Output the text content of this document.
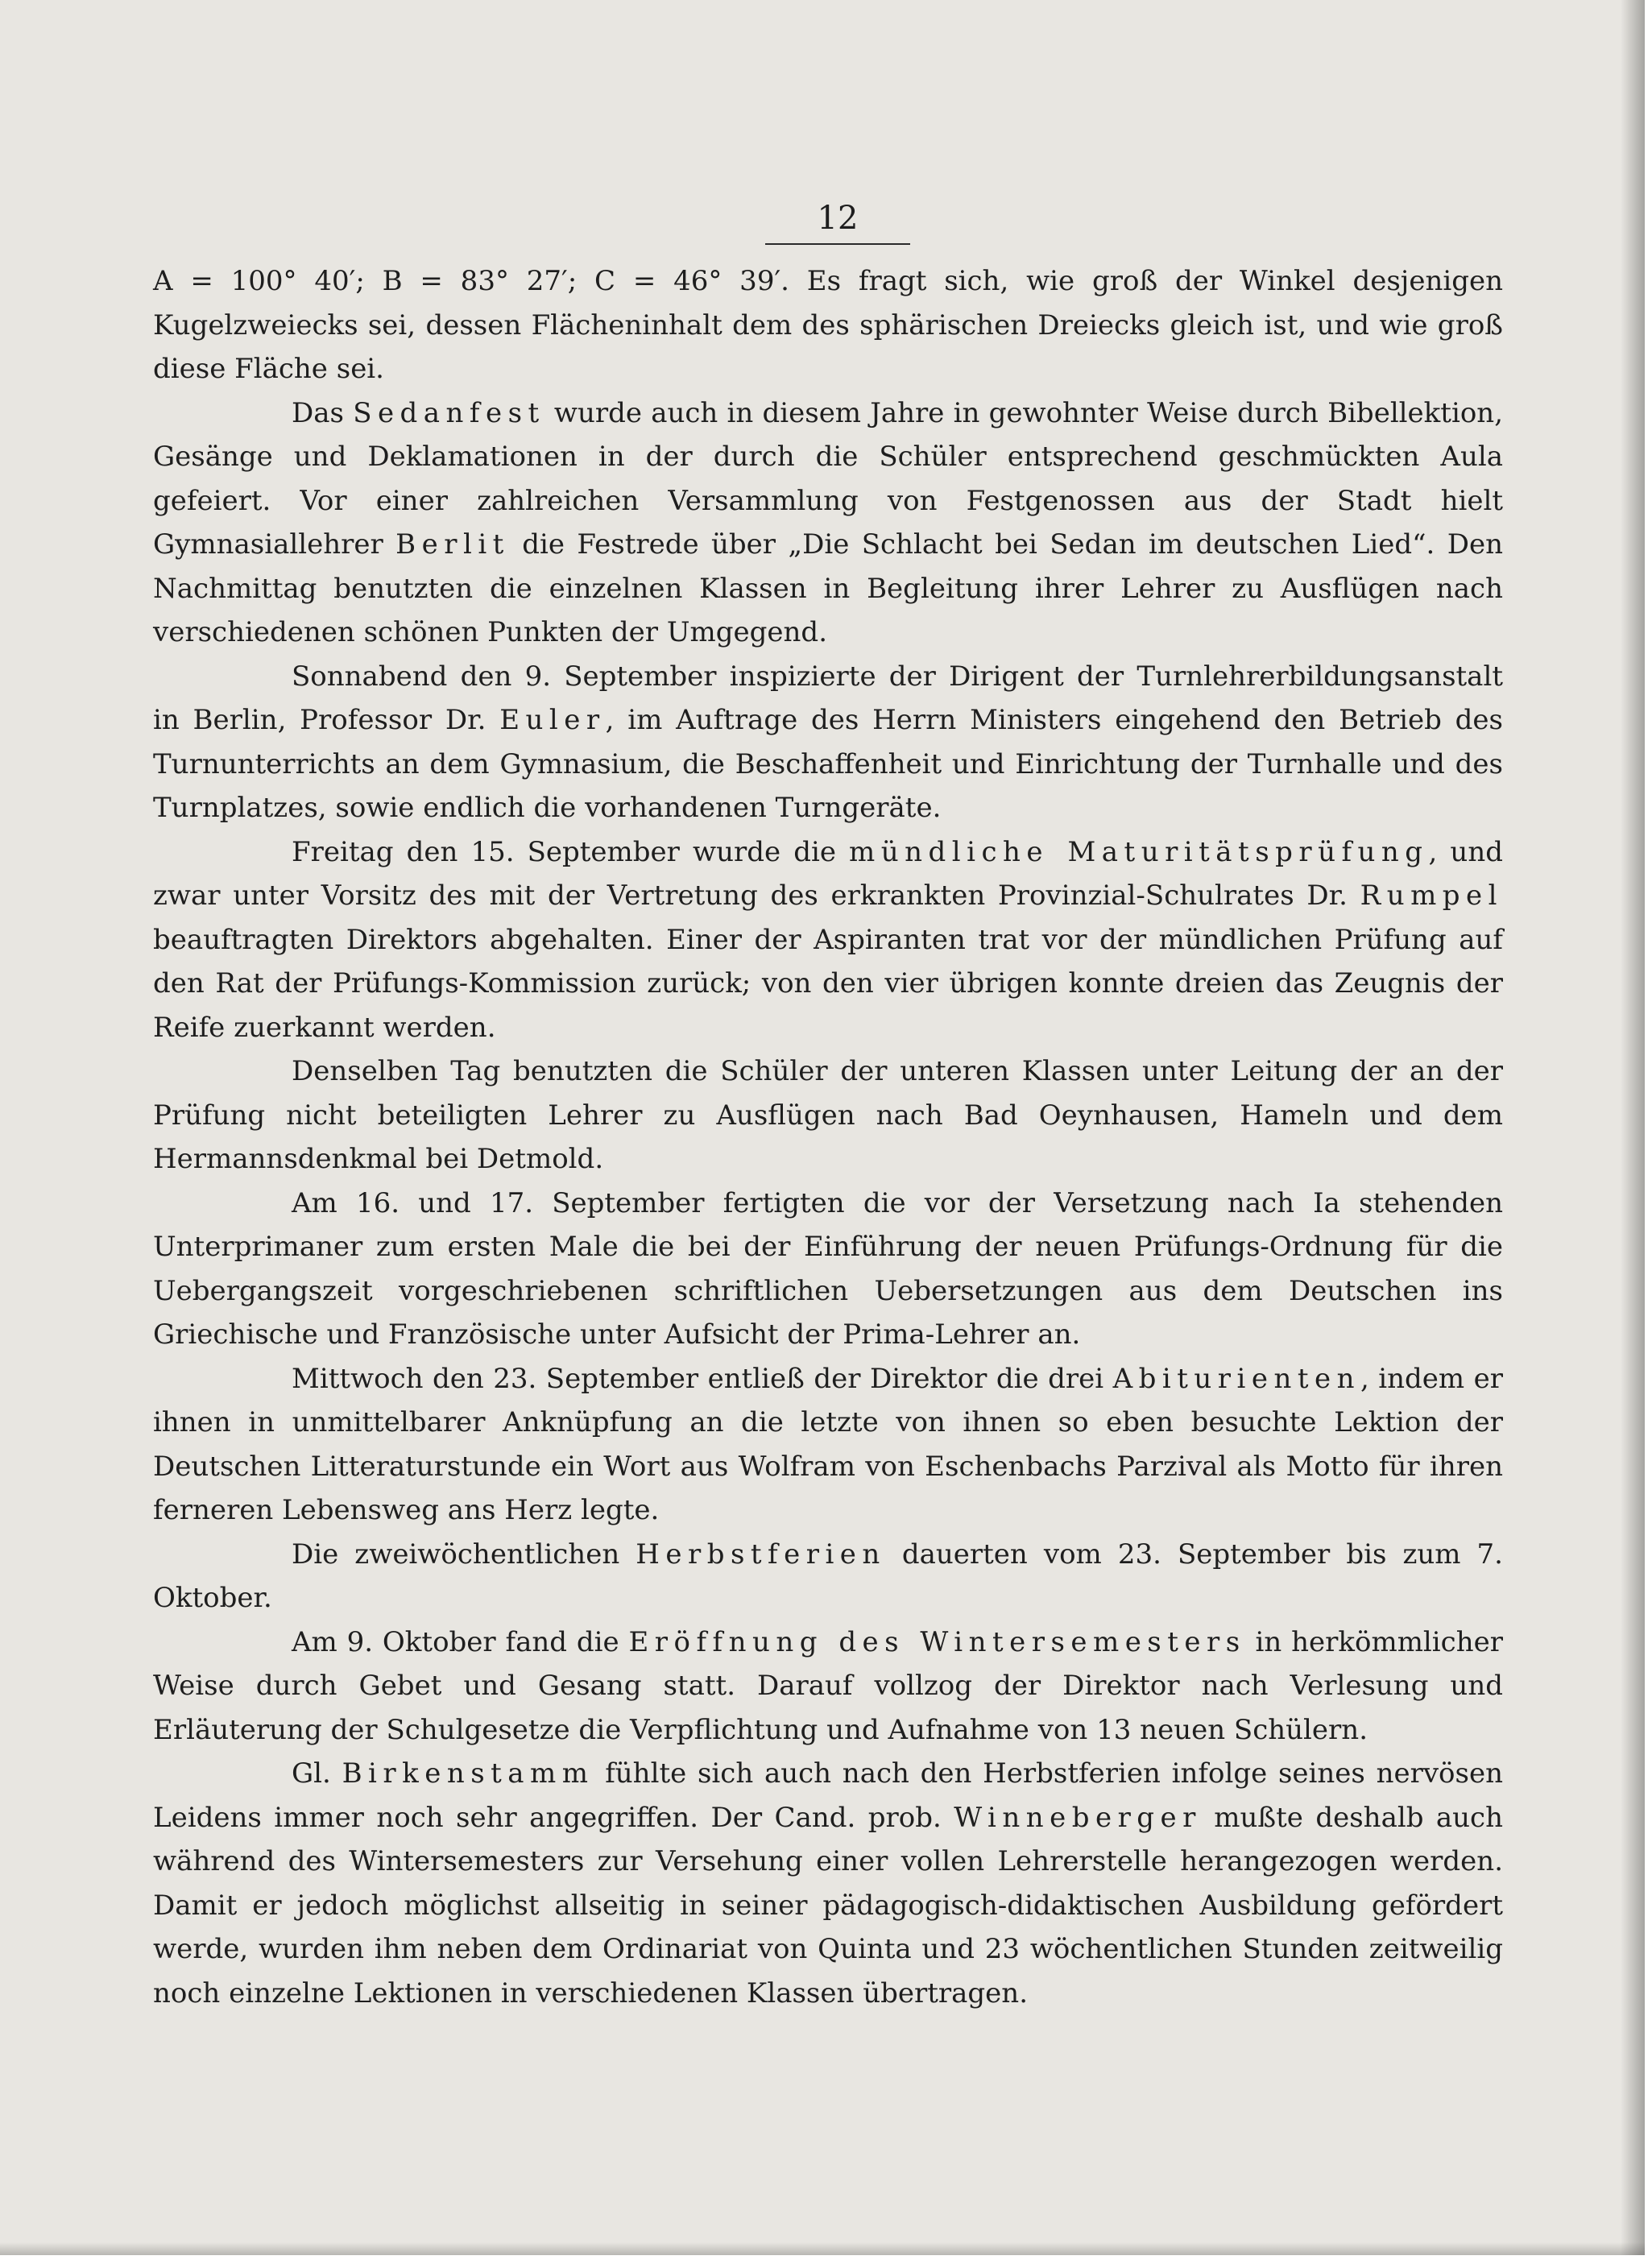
12

A = 100° 40′; B = 83° 27′; C = 46° 39′. Es fragt sich, wie groß der Winkel desjenigen Kugelzweiecks sei, dessen Flächeninhalt dem des sphärischen Dreiecks gleich ist, und wie groß diese Fläche sei.

Das Sedanfest wurde auch in diesem Jahre in gewohnter Weise durch Bibellektion, Gesänge und Deklamationen in der durch die Schüler entsprechend geschmückten Aula gefeiert. Vor einer zahlreichen Versammlung von Festgenossen aus der Stadt hielt Gymnasiallehrer Berlit die Festrede über „Die Schlacht bei Sedan im deutschen Lied“. Den Nachmittag benutzten die einzelnen Klassen in Begleitung ihrer Lehrer zu Ausflügen nach verschiedenen schönen Punkten der Umgegend.

Sonnabend den 9. September inspizierte der Dirigent der Turnlehrerbildungsanstalt in Berlin, Professor Dr. Euler, im Auftrage des Herrn Ministers eingehend den Betrieb des Turnunterrichts an dem Gymnasium, die Beschaffenheit und Einrichtung der Turnhalle und des Turnplatzes, sowie endlich die vorhandenen Turngeräte.

Freitag den 15. September wurde die mündliche Maturitätsprüfung, und zwar unter Vorsitz des mit der Vertretung des erkrankten Provinzial-Schulrates Dr. Rumpel beauftragten Direktors abgehalten. Einer der Aspiranten trat vor der mündlichen Prüfung auf den Rat der Prüfungs-Kommission zurück; von den vier übrigen konnte dreien das Zeugnis der Reife zuerkannt werden.

Denselben Tag benutzten die Schüler der unteren Klassen unter Leitung der an der Prüfung nicht beteiligten Lehrer zu Ausflügen nach Bad Oeynhausen, Hameln und dem Hermannsdenkmal bei Detmold.

Am 16. und 17. September fertigten die vor der Versetzung nach Ia stehenden Unterprimaner zum ersten Male die bei der Einführung der neuen Prüfungs-Ordnung für die Uebergangszeit vorgeschriebenen schriftlichen Uebersetzungen aus dem Deutschen ins Griechische und Französische unter Aufsicht der Prima-Lehrer an.

Mittwoch den 23. September entließ der Direktor die drei Abiturienten, indem er ihnen in unmittelbarer Anknüpfung an die letzte von ihnen so eben besuchte Lektion der Deutschen Litteraturstunde ein Wort aus Wolfram von Eschenbachs Parzival als Motto für ihren ferneren Lebensweg ans Herz legte.

Die zweiwöchentlichen Herbstferien dauerten vom 23. September bis zum 7. Oktober.

Am 9. Oktober fand die Eröffnung des Wintersemesters in herkömmlicher Weise durch Gebet und Gesang statt. Darauf vollzog der Direktor nach Verlesung und Erläuterung der Schulgesetze die Verpflichtung und Aufnahme von 13 neuen Schülern.

Gl. Birkenstamm fühlte sich auch nach den Herbstferien infolge seines nervösen Leidens immer noch sehr angegriffen. Der Cand. prob. Winneberger mußte deshalb auch während des Wintersemesters zur Versehung einer vollen Lehrerstelle herangezogen werden. Damit er jedoch möglichst allseitig in seiner pädagogisch-didaktischen Ausbildung gefördert werde, wurden ihm neben dem Ordinariat von Quinta und 23 wöchentlichen Stunden zeitweilig noch einzelne Lektionen in verschiedenen Klassen übertragen.
